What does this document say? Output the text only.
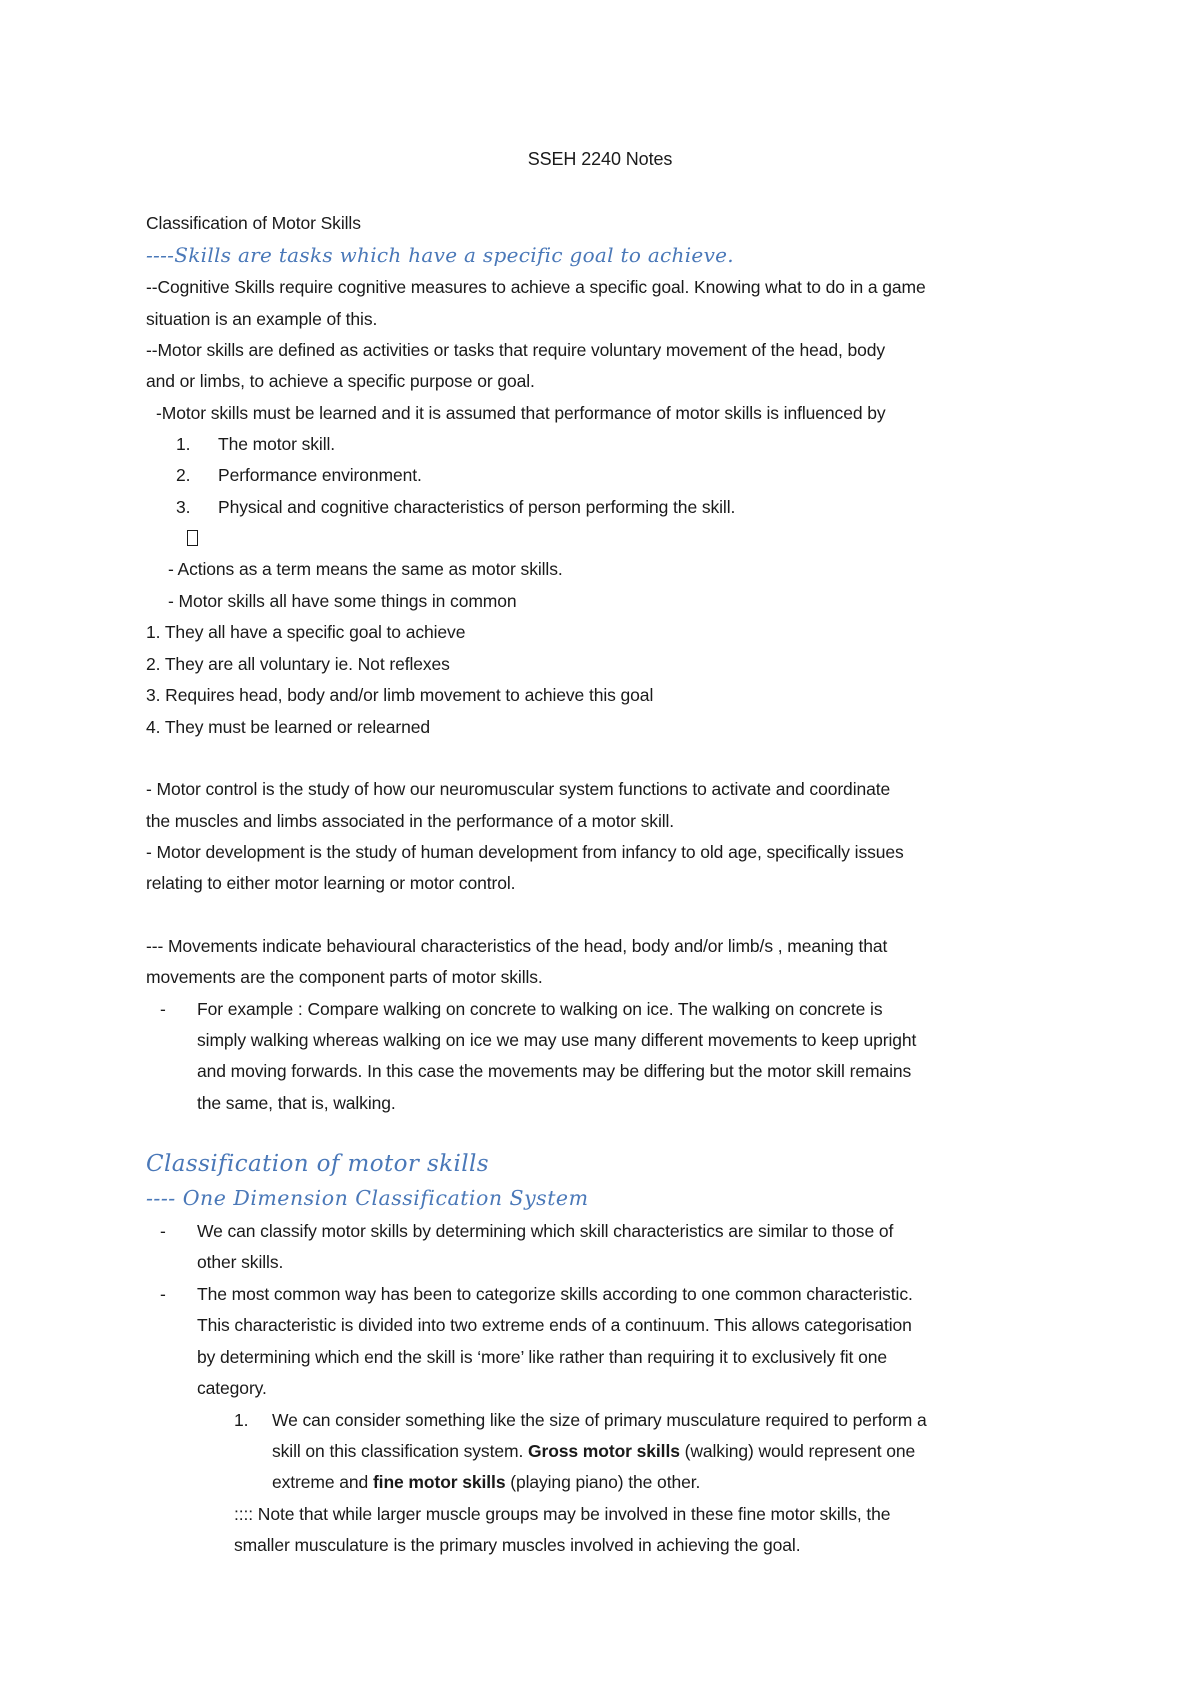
SSEH 2240 Notes
Classification of Motor Skills
----Skills are tasks which have a specific goal to achieve.
--Cognitive Skills require cognitive measures to achieve a specific goal. Knowing what to do in a game
situation is an example of this.
--Motor skills are defined as activities or tasks that require voluntary movement of the head, body
and or limbs, to achieve a specific purpose or goal.
-Motor skills must be learned and it is assumed that performance of motor skills is influenced by
1. The motor skill.
2. Performance environment.
3. Physical and cognitive characteristics of person performing the skill.
- Actions as a term means the same as motor skills.
- Motor skills all have some things in common
1. They all have a specific goal to achieve
2. They are all voluntary ie. Not reflexes
3. Requires head, body and/or limb movement to achieve this goal
4. They must be learned or relearned
- Motor control is the study of how our neuromuscular system functions to activate and coordinate
the muscles and limbs associated in the performance of a motor skill.
- Motor development is the study of human development from infancy to old age, specifically issues
relating to either motor learning or motor control.
--- Movements indicate behavioural characteristics of the head, body and/or limb/s , meaning that
movements are the component parts of motor skills.
- For example : Compare walking on concrete to walking on ice. The walking on concrete is
simply walking whereas walking on ice we may use many different movements to keep upright
and moving forwards. In this case the movements may be differing but the motor skill remains
the same, that is, walking.
Classification of motor skills
---- One Dimension Classification System
- We can classify motor skills by determining which skill characteristics are similar to those of
other skills.
- The most common way has been to categorize skills according to one common characteristic.
This characteristic is divided into two extreme ends of a continuum. This allows categorisation
by determining which end the skill is ‘more’ like rather than requiring it to exclusively fit one
category.
1. We can consider something like the size of primary musculature required to perform a
skill on this classification system. Gross motor skills (walking) would represent one
extreme and fine motor skills (playing piano) the other.
:::: Note that while larger muscle groups may be involved in these fine motor skills, the
smaller musculature is the primary muscles involved in achieving the goal.
